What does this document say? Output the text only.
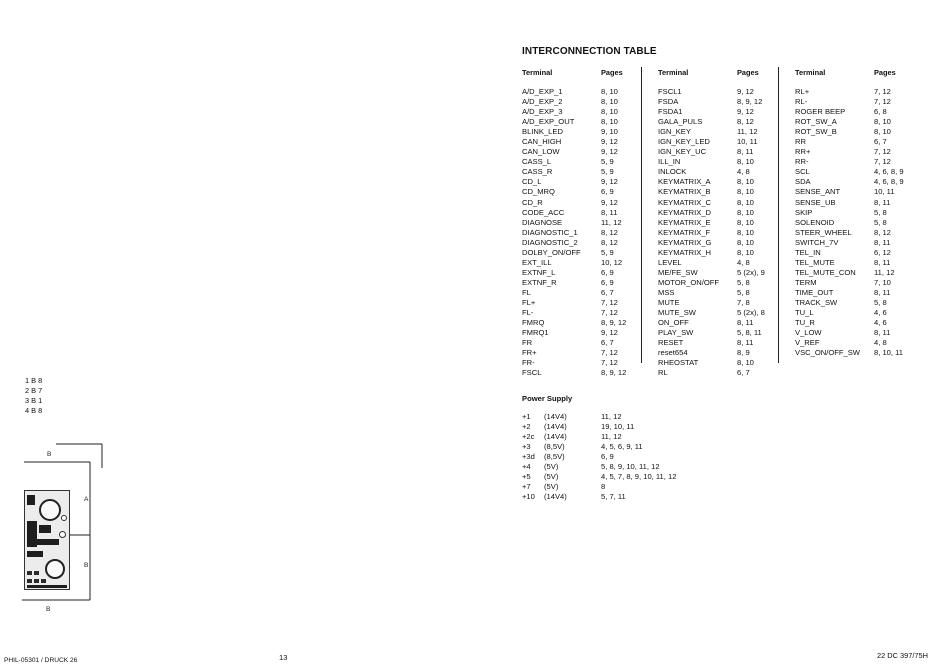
INTERCONNECTION TABLE
Terminal	Pages	Terminal	Pages	Terminal	Pages
A/D_EXP_1	8, 10
A/D_EXP_2	8, 10
A/D_EXP_3	8, 10
A/D_EXP_OUT	8, 10
BLINK_LED	9, 10
CAN_HIGH	9, 12
CAN_LOW	9, 12
CASS_L	5, 9
CASS_R	5, 9
CD_L	9, 12
CD_MRQ	6, 9
CD_R	9, 12
CODE_ACC	8, 11
DIAGNOSE	11, 12
DIAGNOSTIC_1	8, 12
DIAGNOSTIC_2	8, 12
DOLBY_ON/OFF	5, 9
EXT_ILL	10, 12
EXTNF_L	6, 9
EXTNF_R	6, 9
FL	6, 7
FL+	7, 12
FL-	7, 12
FMRQ	8, 9, 12
FMRQ1	9, 12
FR	6, 7
FR+	7, 12
FR-	7, 12
FSCL	8, 9, 12
FSCL1	9, 12
FSDA	8, 9, 12
FSDA1	9, 12
GALA_PULS	8, 12
IGN_KEY	11, 12
IGN_KEY_LED	10, 11
IGN_KEY_UC	8, 11
ILL_IN	8, 10
INLOCK	4, 8
KEYMATRIX_A	8, 10
KEYMATRIX_B	8, 10
KEYMATRIX_C	8, 10
KEYMATRIX_D	8, 10
KEYMATRIX_E	8, 10
KEYMATRIX_F	8, 10
KEYMATRIX_G	8, 10
KEYMATRIX_H	8, 10
LEVEL	4, 8
ME/FE_SW	5 (2x), 9
MOTOR_ON/OFF 5, 8
MSS	5, 8
MUTE	7, 8
MUTE_SW	5 (2x), 8
ON_OFF	8, 11
PLAY_SW	5, 8, 11
RESET	8, 11
reset654	8, 9
RHEOSTAT	8, 10
RL	6, 7
RL+	7, 12
RL-	7, 12
ROGER BEEP	6, 8
ROT_SW_A	8, 10
ROT_SW_B	8, 10
RR	6, 7
RR+	7, 12
RR-	7, 12
SCL	4, 6, 8, 9
SDA	4, 6, 8, 9
SENSE_ANT	10, 11
SENSE_UB	8, 11
SKIP	5, 8
SOLENOID	5, 8
STEER_WHEEL	8, 12
SWITCH_7V	8, 11
TEL_IN	6, 12
TEL_MUTE	8, 11
TEL_MUTE_CON 11, 12
TERM	7, 10
TIME_OUT	8, 11
TRACK_SW	5, 8
TU_L	4, 6
TU_R	4, 6
V_LOW	8, 11
V_REF	4, 8
VSC_ON/OFF_SW 8, 10, 11
Power Supply
+1 (14V4)	11, 12
+2 (14V4)	19, 10, 11
+2c (14V4)	11, 12
+3 (8,5V)	4, 5, 6, 9, 11
+3d (8,5V)	6, 9
+4 (5V)	5, 8, 9, 10, 11, 12
+5 (5V)	4, 5, 7, 8, 9, 10, 11, 12
+7 (5V)	8
+10 (14V4)	5, 7, 11
1 B 8
2 B 7
3 B 1
4 B 8
B
A
B
B
PHIL-05301 / DRUCK 26	13	22 DC 397/75H
